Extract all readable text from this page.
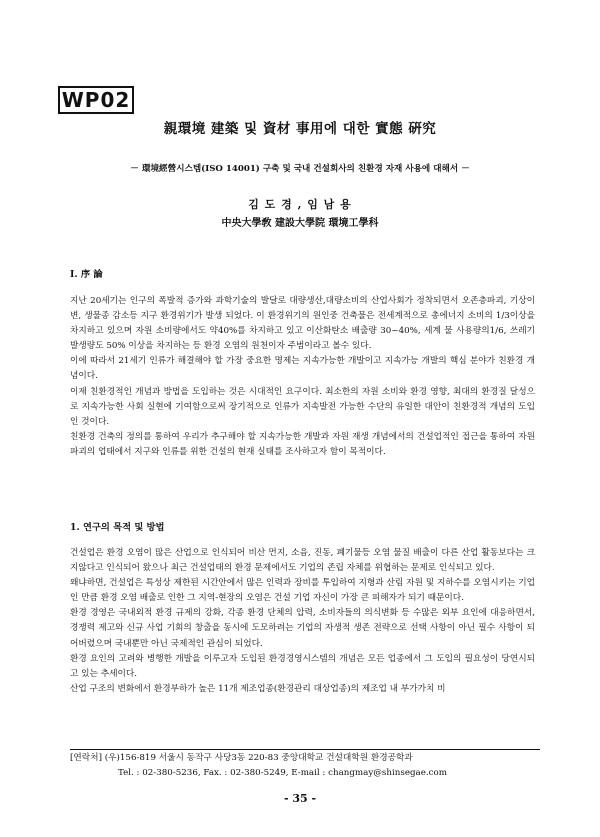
WP02
親環境 建築 및 資材 事用에 대한 實態 硏究
－ 環境經營시스템(ISO 14001) 구축 및 국내 건설회사의 친환경 자재 사용에 대해서 －
김 도 경 , 임 남 용
中央大學敎 建設大學院 環境工學科
Ⅰ. 序 論

지난 20세기는 인구의 폭발적 증가와 과학기술의 발달로 대량생산,대량소비의 산업사회가 정착되면서 오존층파괴, 기상이변, 생물종 감소등 지구 환경위기가 발생 되었다. 이 환경위기의 원인중 건축물은 전세계적으로 총에너지 소비의 1/3이상을 차지하고 있으며 자원 소비량에서도 약40%를 차지하고 있고 이산화탄소 배출량 30~40%, 세계 물 사용량의1/6, 쓰레기 발생량도 50% 이상을 차지하는 등 환경 오염의 원천이자 주범이라고 볼수 있다.

이에 따라서 21세기 인류가 해결해야 할 가장 중요한 명제는 지속가능한 개발이고 지속가능 개발의 핵심 분야가 친환경 개념이다.

이제 친환경적인 개념과 방법을 도입하는 것은 시대적인 요구이다. 최소한의 자원 소비와 환경 영향, 최대의 환경질 달성으로 지속가능한 사회 실현에 기여함으로써 장기적으로 인류가 지속발전 가능한 수단의 유일한 대안이 친환경적 개념의 도입인 것이다.

친환경 건축의 정의를 통하여 우리가 추구해야 할 지속가능한 개발과 자원 재생 개념에서의 건설업적인 접근을 통하여 자원 파괴의 업태에서 지구와 인류를 위한 건설의 현재 실태를 조사하고자 함이 목적이다.

1. 연구의 목적 및 방법

건설업은 환경 오염이 많은 산업으로 인식되어 비산 먼지, 소음, 진동, 폐기물등 오염 물질 배출이 다른 산업 활동보다는 크지않다고 인식되어 왔으나 최근 건설업태의 환경 문제에서도 기업의 존립 자체를 위협하는 문제로 인식되고 있다.

왜냐하면, 건설업은 특성상 제한된 시간안에서 많은 인력과 장비를 투입하여 지형과 산림 자원 및 지하수를 오염시키는 기업인 만큼 환경 오염 배출로 인한 그 지역-현장의 오염은 건설 기업 자신이 가장 큰 피해자가 되기 때문이다.

환경 경영은 국내외적 환경 규제의 강화, 각종 환경 단체의 압력, 소비자들의 의식변화 등 수많은 외부 요인에 대응하면서, 경쟁력 제고와 신규 사업 기회의 창출을 동시에 도모하려는 기업의 자생적 생존 전략으로 선택 사항이 아닌 필수 사항이 되어버렸으며 국내뿐만 아닌 국제적인 관심이 되었다.

환경 요인의 고려와 병행한 개발을 이루고자 도입된 환경경영시스템의 개념은 모든 업종에서 그 도입의 필요성이 당연시되고 있는 추세이다.

산업 구조의 변화에서 환경부하가 높은 11개 제조업종(환경관리 대상업종)의 제조업 내 부가가치 비

[연락처] (우)156-819 서울시 동작구 사당3동 220-83 중앙대학교 건설대학원 환경공학과
Tel. : 02-380-5236, Fax. : 02-380-5249, E-mail : changmay@shinsegae.com
- 35 -
